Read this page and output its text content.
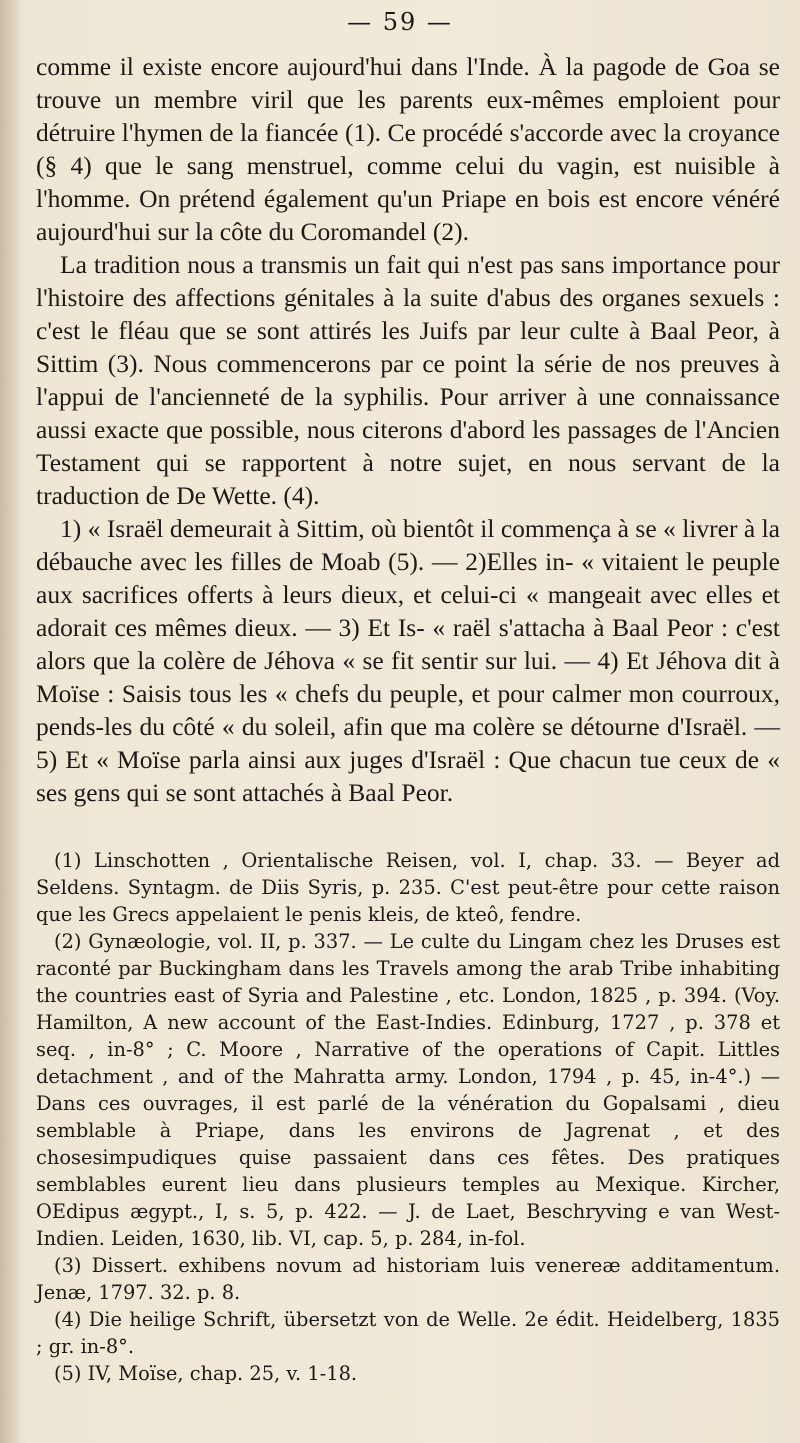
— 59 —

comme il existe encore aujourd'hui dans l'Inde. À la pagode de Goa se trouve un membre viril que les parents eux-mêmes emploient pour détruire l'hymen de la fiancée (1). Ce procédé s'accorde avec la croyance (§ 4) que le sang menstruel, comme celui du vagin, est nuisible à l'homme. On prétend également qu'un Priape en bois est encore vénéré aujourd'hui sur la côte du Coromandel (2).

La tradition nous a transmis un fait qui n'est pas sans importance pour l'histoire des affections génitales à la suite d'abus des organes sexuels : c'est le fléau que se sont attirés les Juifs par leur culte à Baal Peor, à Sittim (3). Nous commencerons par ce point la série de nos preuves à l'appui de l'ancienneté de la syphilis. Pour arriver à une connaissance aussi exacte que possible, nous citerons d'abord les passages de l'Ancien Testament qui se rapportent à notre sujet, en nous servant de la traduction de De Wette. (4).

1) « Israël demeurait à Sittim, où bientôt il commença à se « livrer à la débauche avec les filles de Moab (5). — 2)Elles in- « vitaient le peuple aux sacrifices offerts à leurs dieux, et celui-ci « mangeait avec elles et adorait ces mêmes dieux. — 3) Et Is- « raël s'attacha à Baal Peor : c'est alors que la colère de Jéhova « se fit sentir sur lui. — 4) Et Jéhova dit à Moïse : Saisis tous les « chefs du peuple, et pour calmer mon courroux, pends-les du côté « du soleil, afin que ma colère se détourne d'Israël. — 5) Et « Moïse parla ainsi aux juges d'Israël : Que chacun tue ceux de « ses gens qui se sont attachés à Baal Peor.

(1) Linschotten , Orientalische Reisen, vol. I, chap. 33. — Beyer ad Seldens. Syntagm. de Diis Syris, p. 235. C'est peut-être pour cette raison que les Grecs appelaient le penis kleis, de kteô, fendre.

(2) Gynæologie, vol. II, p. 337. — Le culte du Lingam chez les Druses est raconté par Buckingham dans les Travels among the arab Tribe inhabiting the countries east of Syria and Palestine , etc. London, 1825 , p. 394. (Voy. Hamilton, A new account of the East-Indies. Edinburg, 1727 , p. 378 et seq. , in-8° ; C. Moore , Narrative of the operations of Capit. Littles detachment , and of the Mahratta army. London, 1794 , p. 45, in-4°.) — Dans ces ouvrages, il est parlé de la vénération du Gopalsami , dieu semblable à Priape, dans les environs de Jagrenat , et des chosesimpudiques quise passaient dans ces fêtes. Des pratiques semblables eurent lieu dans plusieurs temples au Mexique. Kircher, OEdipus ægypt., I, s. 5, p. 422. — J. de Laet, Beschryving e van West-Indien. Leiden, 1630, lib. VI, cap. 5, p. 284, in-fol.

(3) Dissert. exhibens novum ad historiam luis venereæ additamentum. Jenæ, 1797. 32. p. 8.

(4) Die heilige Schrift, übersetzt von de Welle. 2e édit. Heidelberg, 1835 ; gr. in-8°.

(5) IV, Moïse, chap. 25, v. 1-18.
